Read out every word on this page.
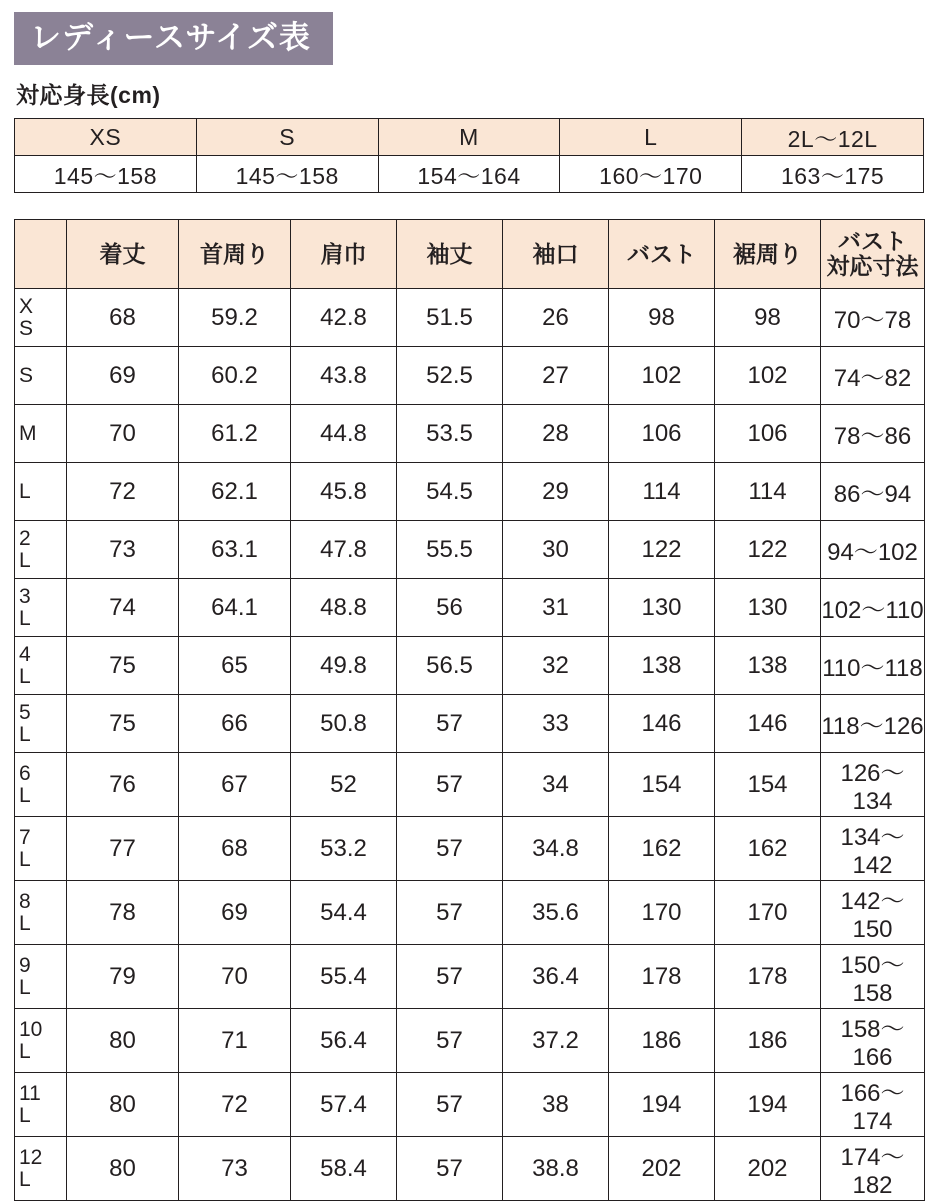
レディースサイズ表
対応身長(cm)
XS	S	M	L	2L〜12L
145〜158	145〜158	154〜164	160〜170	163〜175
	着丈	首周り	肩巾	袖丈	袖口	バスト	裾周り	バスト
対応寸法

X
S	68	59.2	42.8	51.5	26	98	98	70〜78

S	69	60.2	43.8	52.5	27	102	102	74〜82

M	70	61.2	44.8	53.5	28	106	106	78〜86

L	72	62.1	45.8	54.5	29	114	114	86〜94

2
L	73	63.1	47.8	55.5	30	122	122	94〜102

3
L	74	64.1	48.8	56	31	130	130	102〜110

4
L	75	65	49.8	56.5	32	138	138	110〜118

5
L	75	66	50.8	57	33	146	146	118〜126

6
L	76	67	52	57	34	154	154	126〜134

7
L	77	68	53.2	57	34.8	162	162	134〜142

8
L	78	69	54.4	57	35.6	170	170	142〜150

9
L	79	70	55.4	57	36.4	178	178	150〜158

10
L	80	71	56.4	57	37.2	186	186	158〜166

11
L	80	72	57.4	57	38	194	194	166〜174

12
L	80	73	58.4	57	38.8	202	202	174〜182
